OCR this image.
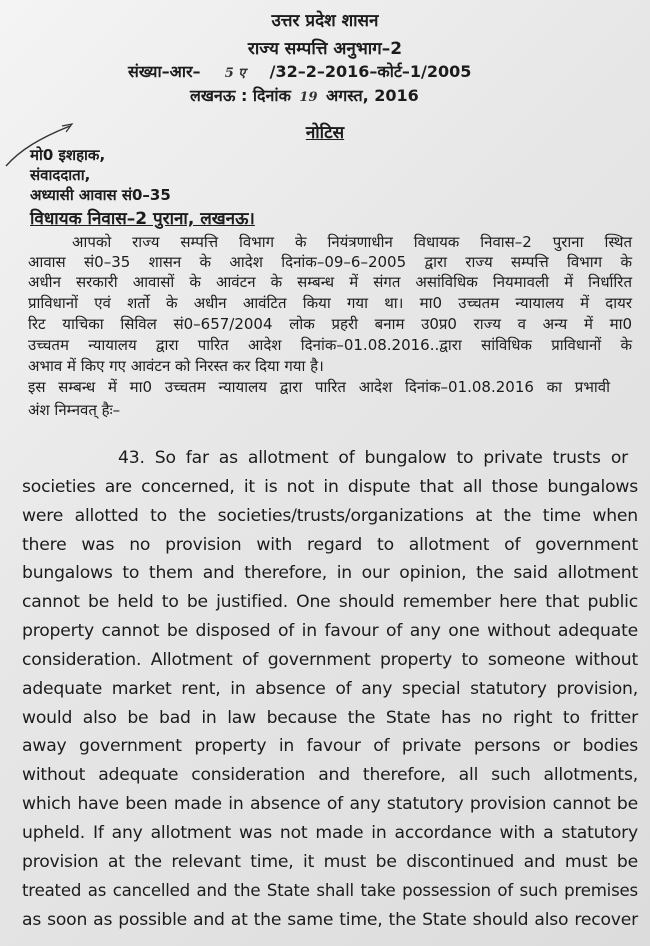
उत्तर प्रदेश शासन
राज्य सम्पत्ति अनुभाग–2
संख्या–आर– 5 ए /32–2–2016–कोर्ट–1/2005
लखनऊ : दिनांक 19 अगस्त, 2016
नोटिस
मो0 इशहाक,
संवाददाता,
अध्यासी आवास सं0–35
विधायक निवास–2 पुराना, लखनऊ।
आपको राज्य सम्पत्ति विभाग के नियंत्रणाधीन विधायक निवास–2 पुराना स्थित
आवास सं0–35 शासन के आदेश दिनांक–09–6–2005 द्वारा राज्य सम्पत्ति विभाग के
अधीन सरकारी आवासों के आवंटन के सम्बन्ध में संगत असांविधिक नियमावली में निर्धारित
प्राविधानों एवं शर्तो के अधीन आवंटित किया गया था। मा0 उच्चतम न्यायालय में दायर
रिट याचिका सिविल सं0–657/2004 लोक प्रहरी बनाम उ0प्र0 राज्य व अन्य में मा0
उच्चतम न्यायालय द्वारा पारित आदेश दिनांक–01.08.2016..द्वारा सांविधिक प्राविधानों के
अभाव में किए गए आवंटन को निरस्त कर दिया गया है।
इस सम्बन्ध में मा0 उच्चतम न्यायालय द्वारा पारित आदेश दिनांक–01.08.2016 का प्रभावी
अंश निम्नवत् हैः–
43. So far as allotment of bungalow to private trusts or
societies are concerned, it is not in dispute that all those bungalows
were allotted to the societies/trusts/organizations at the time when
there was no provision with regard to allotment of government
bungalows to them and therefore, in our opinion, the said allotment
cannot be held to be justified. One should remember here that public
property cannot be disposed of in favour of any one without adequate
consideration. Allotment of government property to someone without
adequate market rent, in absence of any special statutory provision,
would also be bad in law because the State has no right to fritter
away government property in favour of private persons or bodies
without adequate consideration and therefore, all such allotments,
which have been made in absence of any statutory provision cannot be
upheld. If any allotment was not made in accordance with a statutory
provision at the relevant time, it must be discontinued and must be
treated as cancelled and the State shall take possession of such premises
as soon as possible and at the same time, the State should also recover
